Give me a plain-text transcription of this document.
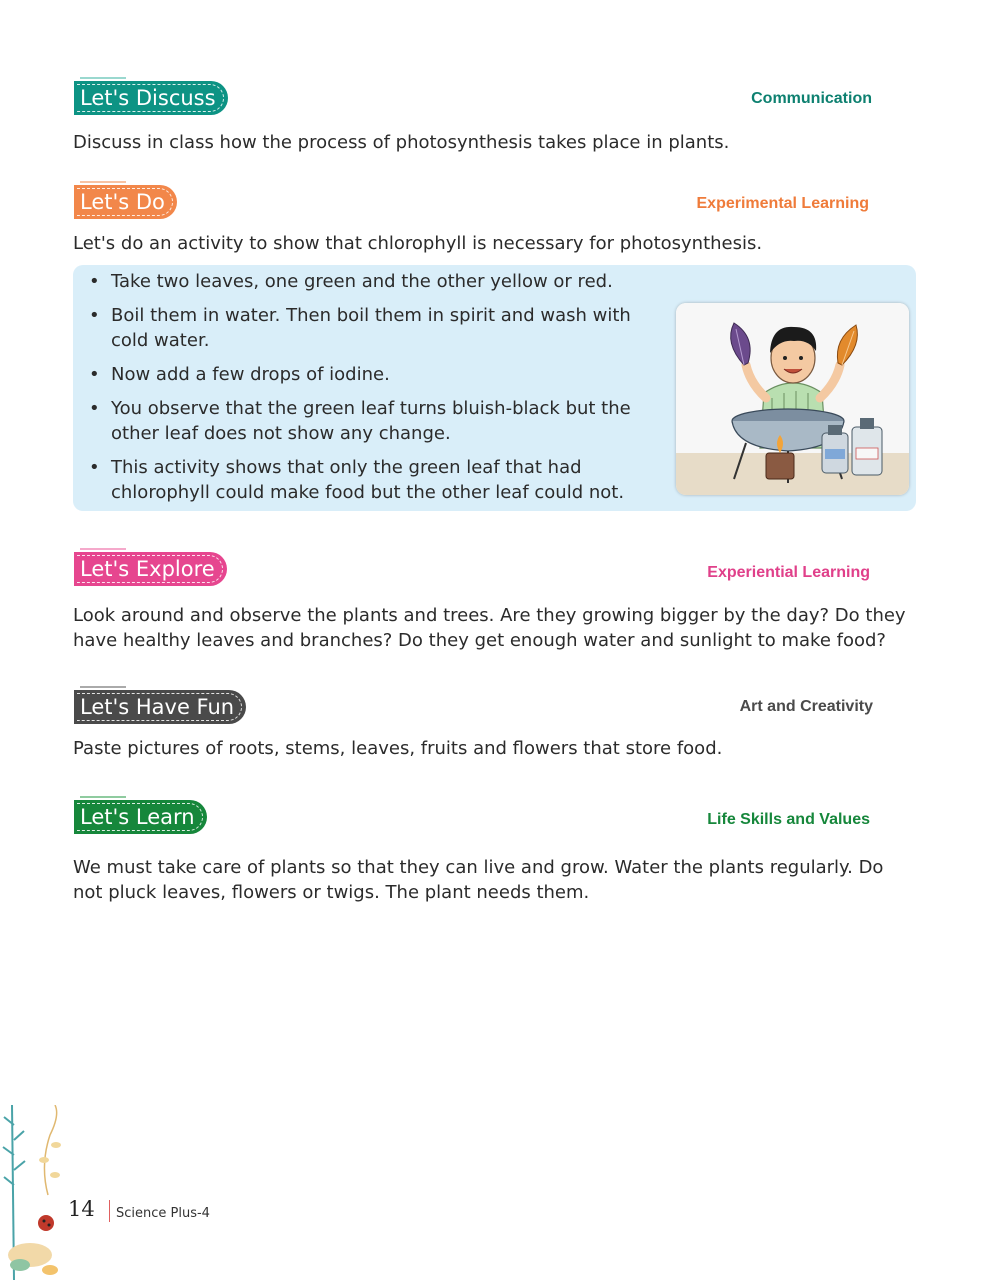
Let's Discuss	Communication

Discuss in class how the process of photosynthesis takes place in plants.

Let's Do	Experimental Learning

Let's do an activity to show that chlorophyll is necessary for photosynthesis.

• Take two leaves, one green and the other yellow or red.
• Boil them in water. Then boil them in spirit and wash with cold water.
• Now add a few drops of iodine.
• You observe that the green leaf turns bluish-black but the other leaf does not show any change.
• This activity shows that only the green leaf that had chlorophyll could make food but the other leaf could not.
Let's Explore	Experiential Learning

Look around and observe the plants and trees. Are they growing bigger by the day? Do they have healthy leaves and branches? Do they get enough water and sunlight to make food?

Let's Have Fun	Art and Creativity

Paste pictures of roots, stems, leaves, fruits and flowers that store food.

Let's Learn	Life Skills and Values

We must take care of plants so that they can live and grow. Water the plants regularly. Do not pluck leaves, flowers or twigs. The plant needs them.

14 Science Plus-4
